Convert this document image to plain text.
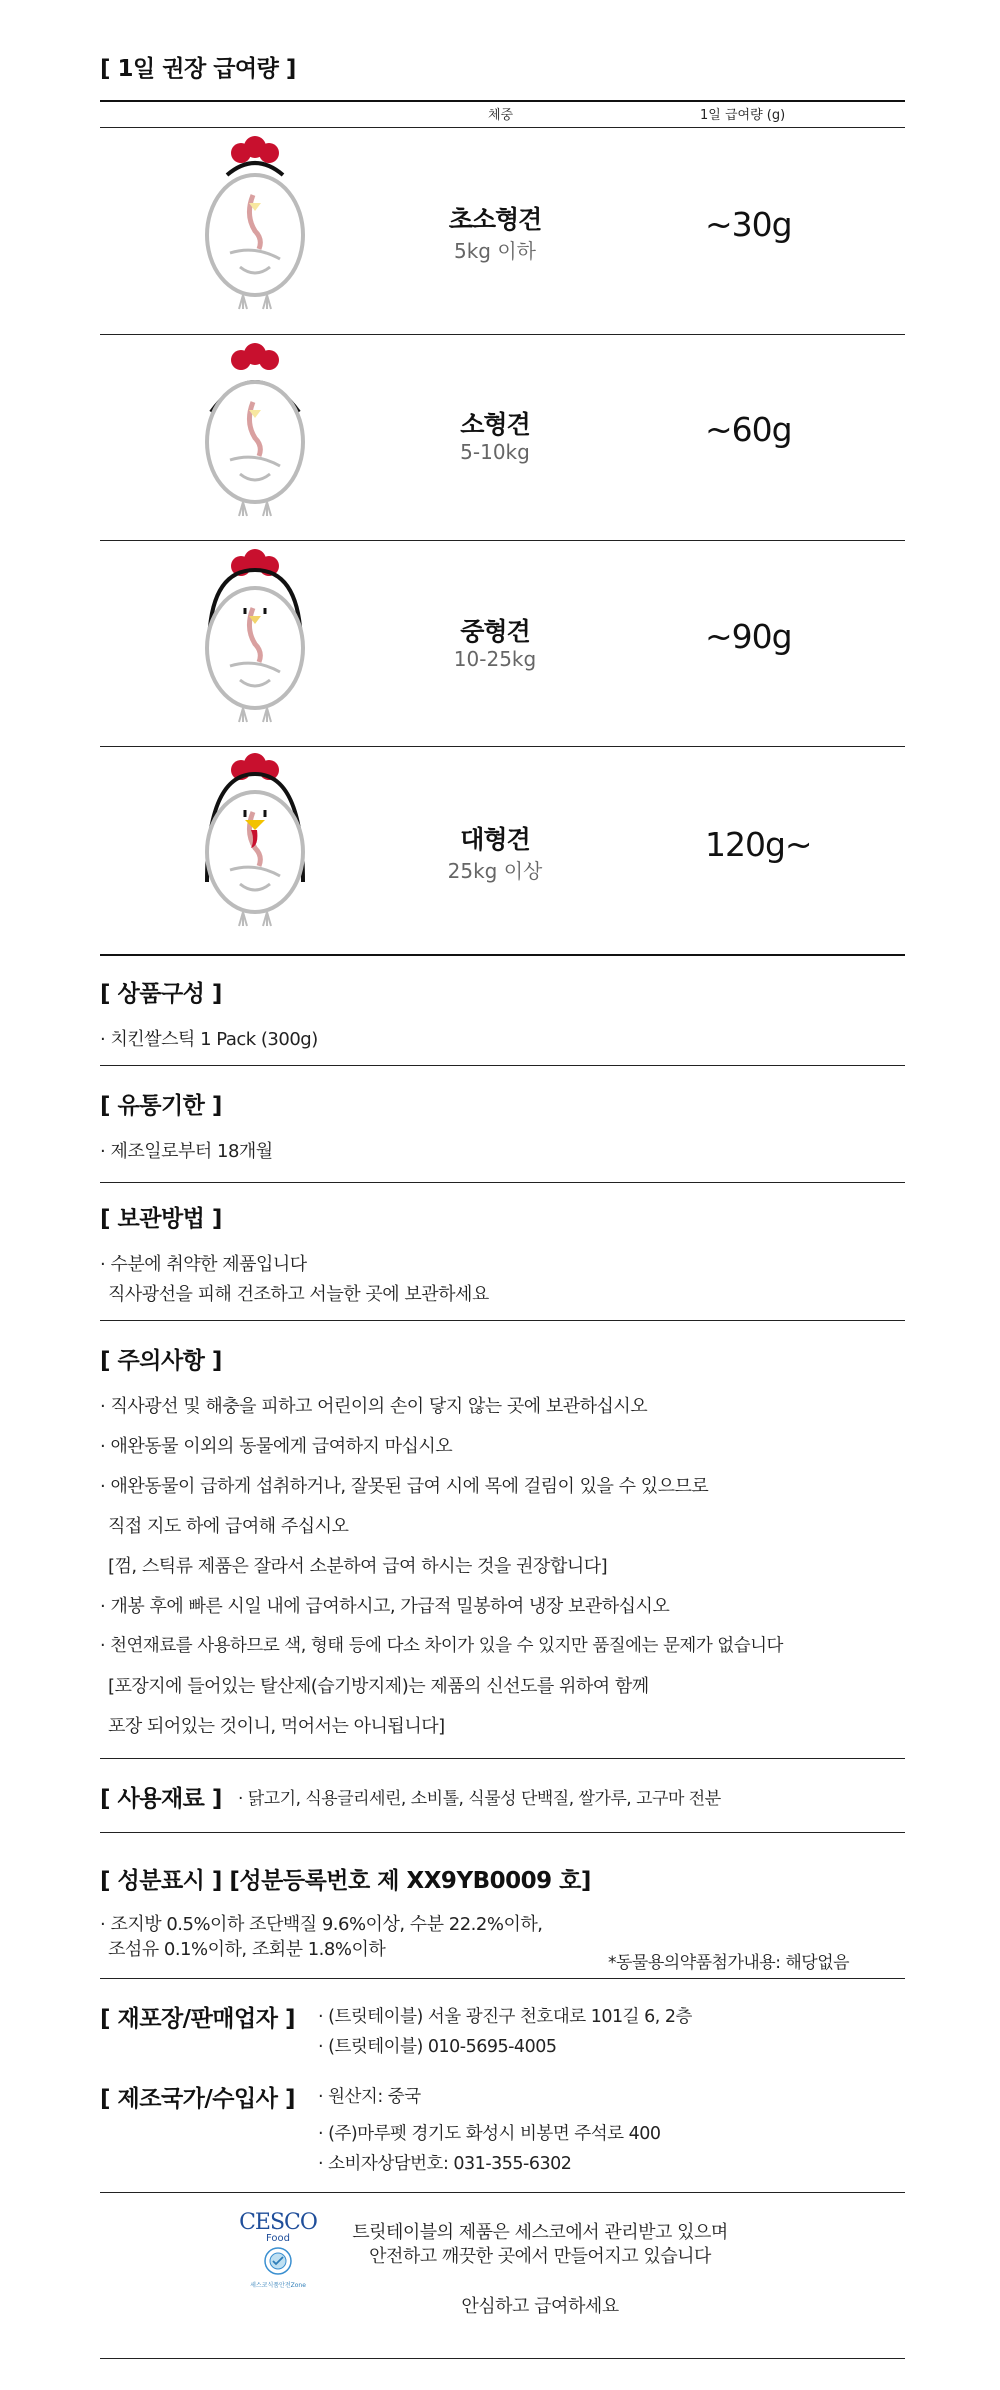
[ 1일 권장 급여량 ]
체중	1일 급여량 (g)
초소형견
5kg 이하
~30g
소형견
5-10kg
~60g
중형견
10-25kg
~90g
대형견
25kg 이상
120g~
[ 상품구성 ]
· 치킨쌀스틱 1 Pack (300g)
[ 유통기한 ]
· 제조일로부터 18개월
[ 보관방법 ]
· 수분에 취약한 제품입니다
직사광선을 피해 건조하고 서늘한 곳에 보관하세요
[ 주의사항 ]
· 직사광선 및 해충을 피하고 어린이의 손이 닿지 않는 곳에 보관하십시오
· 애완동물 이외의 동물에게 급여하지 마십시오
· 애완동물이 급하게 섭취하거나, 잘못된 급여 시에 목에 걸림이 있을 수 있으므로
직접 지도 하에 급여해 주십시오
[껌, 스틱류 제품은 잘라서 소분하여 급여 하시는 것을 권장합니다]
· 개봉 후에 빠른 시일 내에 급여하시고, 가급적 밀봉하여 냉장 보관하십시오
· 천연재료를 사용하므로 색, 형태 등에 다소 차이가 있을 수 있지만 품질에는 문제가 없습니다
[포장지에 들어있는 탈산제(습기방지제)는 제품의 신선도를 위하여 함께
포장 되어있는 것이니, 먹어서는 아니됩니다]
[ 사용재료 ] · 닭고기, 식용글리세린, 소비톨, 식물성 단백질, 쌀가루, 고구마 전분
[ 성분표시 ] [성분등록번호 제 XX9YB0009 호]
· 조지방 0.5%이하 조단백질 9.6%이상, 수분 22.2%이하,
조섬유 0.1%이하, 조회분 1.8%이하
*동물용의약품첨가내용: 해당없음
[ 재포장/판매업자 ] · (트릿테이블) 서울 광진구 천호대로 101길 6, 2층
· (트릿테이블) 010-5695-4005
[ 제조국가/수입사 ] · 원산지: 중국
· (주)마루펫 경기도 화성시 비봉면 주석로 400
· 소비자상담번호: 031-355-6302
CESCO
Food
세스코식품안전Zone
트릿테이블의 제품은 세스코에서 관리받고 있으며
안전하고 깨끗한 곳에서 만들어지고 있습니다
안심하고 급여하세요
